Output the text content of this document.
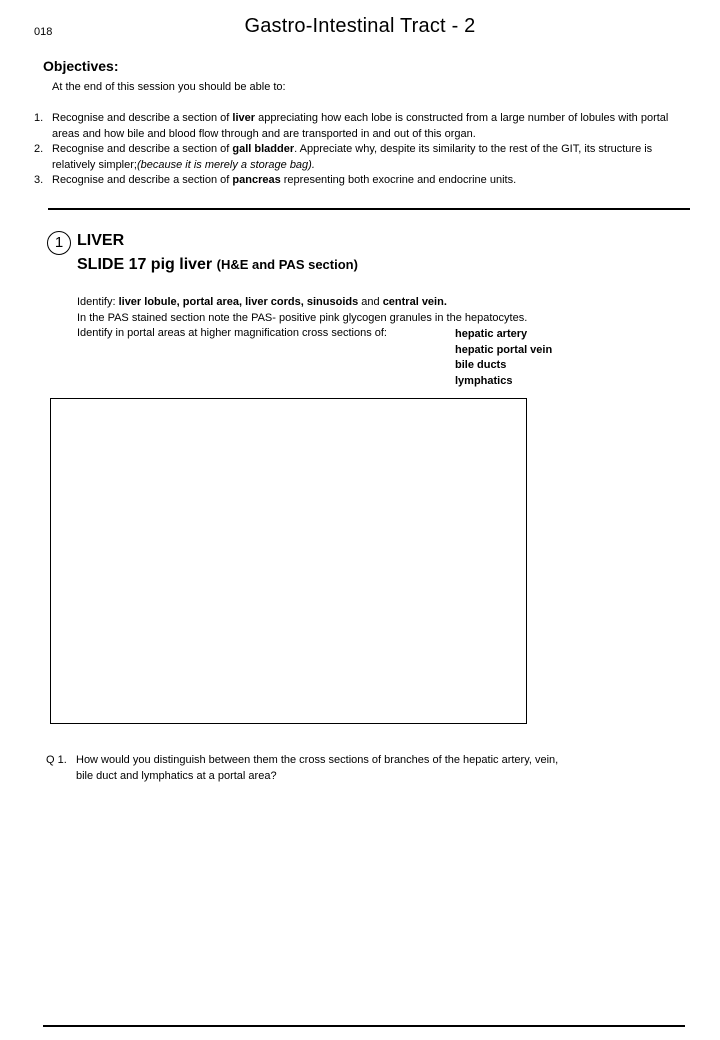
018	Gastro-Intestinal Tract - 2
Objectives:
At the end of this session you should be able to:
1. Recognise and describe a section of liver appreciating how each lobe is constructed from a large number of lobules with portal areas and how bile and blood flow through and are transported in and out of this organ.
2. Recognise and describe a section of gall bladder. Appreciate why, despite its similarity to the rest of the GIT, its structure is relatively simpler;(because it is merely a storage bag).
3. Recognise and describe a section of pancreas representing both exocrine and endocrine units.
1 LIVER
SLIDE 17 pig liver (H&E and PAS section)

Identify: liver lobule, portal area, liver cords, sinusoids and central vein.

In the PAS stained section note the PAS- positive pink glycogen granules in the hepatocytes.

Identify in portal areas at higher magnification cross sections of:	hepatic artery
hepatic portal vein
bile ducts
lymphatics
Q 1. How would you distinguish between them the cross sections of branches of the hepatic artery, vein,
bile duct and lymphatics at a portal area?
